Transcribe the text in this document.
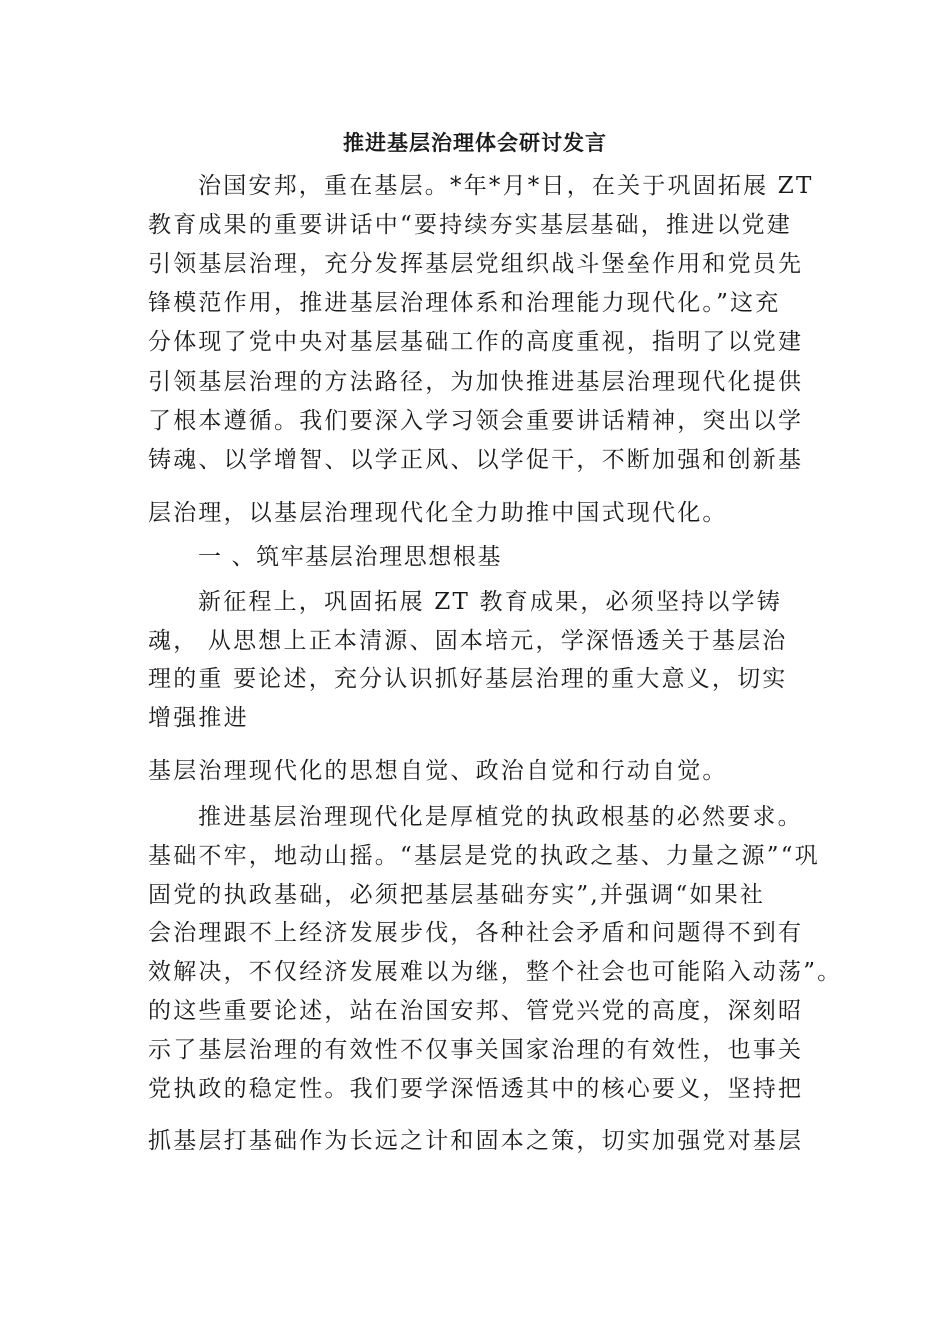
推进基层治理体会研讨发言
治国安邦，重在基层。*年*月*日，在关于巩固拓展 ZT
教育成果的重要讲话中“要持续夯实基层基础，推进以党建
引领基层治理，充分发挥基层党组织战斗堡垒作用和党员先
锋模范作用，推进基层治理体系和治理能力现代化。”这充
分体现了党中央对基层基础工作的高度重视，指明了以党建
引领基层治理的方法路径，为加快推进基层治理现代化提供
了根本遵循。我们要深入学习领会重要讲话精神，突出以学
铸魂、以学增智、以学正风、以学促干，不断加强和创新基
层治理，以基层治理现代化全力助推中国式现代化。
一 、筑牢基层治理思想根基
新征程上，巩固拓展 ZT 教育成果，必须坚持以学铸
魂， 从思想上正本清源、固本培元，学深悟透关于基层治
理的重 要论述，充分认识抓好基层治理的重大意义，切实
增强推进
基层治理现代化的思想自觉、政治自觉和行动自觉。
推进基层治理现代化是厚植党的执政根基的必然要求。
基础不牢，地动山摇。“基层是党的执政之基、力量之源”“巩
固党的执政基础，必须把基层基础夯实”,并强调“如果社
会治理跟不上经济发展步伐，各种社会矛盾和问题得不到有
效解决，不仅经济发展难以为继，整个社会也可能陷入动荡”。
的这些重要论述，站在治国安邦、管党兴党的高度，深刻昭
示了基层治理的有效性不仅事关国家治理的有效性，也事关
党执政的稳定性。我们要学深悟透其中的核心要义，坚持把
抓基层打基础作为长远之计和固本之策，切实加强党对基层
